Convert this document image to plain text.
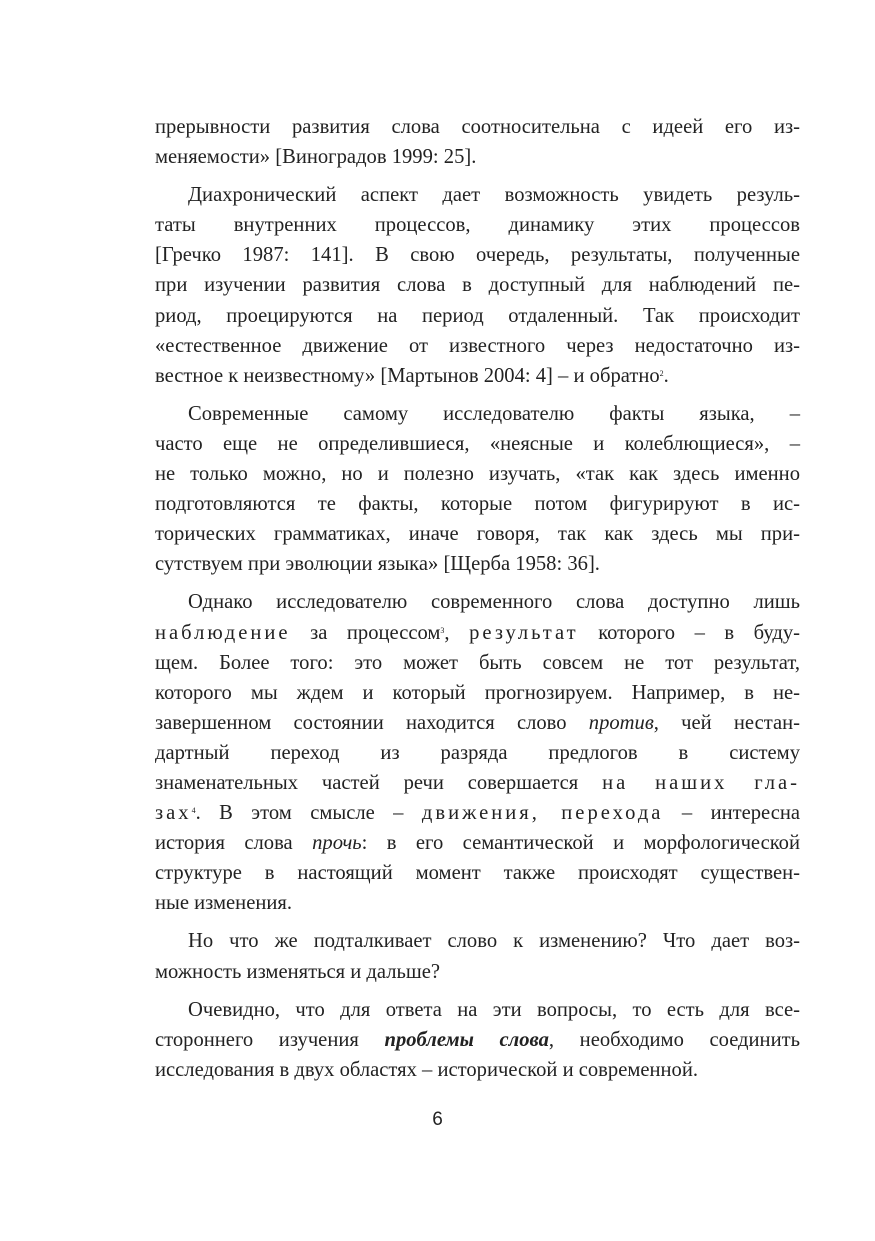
прерывности развития слова соотносительна с идеей его из-
меняемости» [Виноградов 1999: 25].

Диахронический аспект дает возможность увидеть резуль-
таты внутренних процессов, динамику этих процессов
[Гречко 1987: 141]. В свою очередь, результаты, полученные
при изучении развития слова в доступный для наблюдений пе-
риод, проецируются на период отдаленный. Так происходит
«естественное движение от известного через недостаточно из-
вестное к неизвестному» [Мартынов 2004: 4] – и обратно$^2$.

Современные самому исследователю факты языка, –
часто еще не определившиеся, «неясные и колеблющиеся», –
не только можно, но и полезно изучать, «так как здесь именно
подготовляются те факты, которые потом фигурируют в ис-
торических грамматиках, иначе говоря, так как здесь мы при-
сутствуем при эволюции языка» [Щерба 1958: 36].

Однако исследователю современного слова доступно лишь
наблюдение за процессом$^3$, результат которого – в буду-
щем. Более того: это может быть совсем не тот результат,
которого мы ждем и который прогнозируем. Например, в не-
завершенном состоянии находится слово против, чей нестан-
дартный переход из разряда предлогов в систему
знаменательных частей речи совершается на наших гла-
зах$^4$. В этом смысле – движения, перехода – интересна
история слова прочь: в его семантической и морфологической
структуре в настоящий момент также происходят существен-
ные изменения.

Но что же подталкивает слово к изменению? Что дает воз-
можность изменяться и дальше?

Очевидно, что для ответа на эти вопросы, то есть для все-
стороннего изучения проблемы слова, необходимо соединить
исследования в двух областях – исторической и современной.

6
